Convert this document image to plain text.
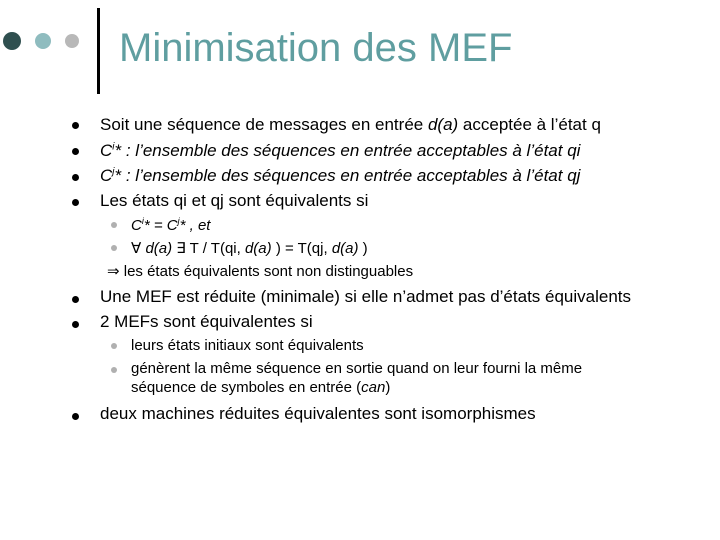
Minimisation des MEF
Soit une séquence de messages en entrée d(a) acceptée à l’état q
$C^i*$ : l’ensemble des séquences en entrée acceptables à l’état qi
$C^j*$ : l’ensemble des séquences en entrée acceptables à l’état qj
Les états qi et qj sont équivalents si
$C^i* = C^j*$ , et
∀ d(a) ∃ T / T(qi, d(a) ) = T(qj, d(a) )
⇒ les états équivalents sont non distinguables
Une MEF est réduite (minimale) si elle n’admet pas d’états équivalents
2 MEFs sont équivalentes si
leurs états initiaux sont équivalents
génèrent la même séquence en sortie quand on leur fourni la même
séquence de symboles en entrée (can)
deux machines réduites équivalentes sont isomorphismes
